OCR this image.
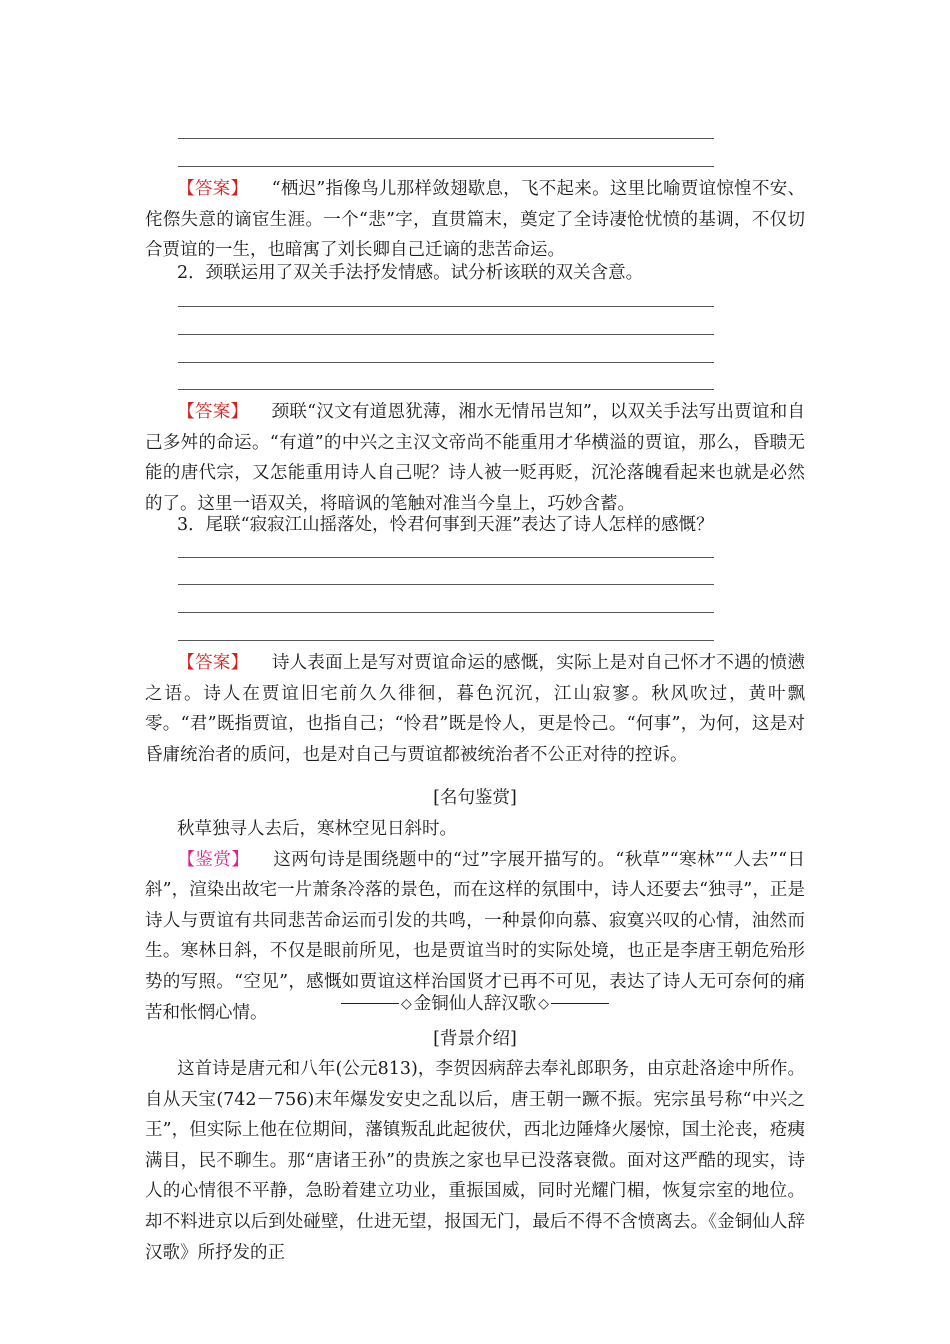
【答案】 “栖迟”指像鸟儿那样敛翅歇息，飞不起来。这里比喻贾谊惊惶不安、侘傺失意的谪宦生涯。一个“悲”字，直贯篇末，奠定了全诗凄怆忧愤的基调，不仅切合贾谊的一生，也暗寓了刘长卿自己迁谪的悲苦命运。

2．颈联运用了双关手法抒发情感。试分析该联的双关含意。

【答案】 颈联“汉文有道恩犹薄，湘水无情吊岂知”，以双关手法写出贾谊和自己多舛的命运。“有道”的中兴之主汉文帝尚不能重用才华横溢的贾谊，那么，昏聩无能的唐代宗，又怎能重用诗人自己呢？诗人被一贬再贬，沉沦落魄看起来也就是必然的了。这里一语双关，将暗讽的笔触对准当今皇上，巧妙含蓄。

3．尾联“寂寂江山摇落处，怜君何事到天涯”表达了诗人怎样的感慨？

【答案】 诗人表面上是写对贾谊命运的感慨，实际上是对自己怀才不遇的愤懑之语。诗人在贾谊旧宅前久久徘徊，暮色沉沉，江山寂寥。秋风吹过，黄叶飘零。“君”既指贾谊，也指自己；“怜君”既是怜人，更是怜己。“何事”，为何，这是对昏庸统治者的质问，也是对自己与贾谊都被统治者不公正对待的控诉。

[名句鉴赏]

秋草独寻人去后，寒林空见日斜时。

【鉴赏】 这两句诗是围绕题中的“过”字展开描写的。“秋草”“寒林”“人去”“日斜”，渲染出故宅一片萧条冷落的景色，而在这样的氛围中，诗人还要去“独寻”，正是诗人与贾谊有共同悲苦命运而引发的共鸣，一种景仰向慕、寂寞兴叹的心情，油然而生。寒林日斜，不仅是眼前所见，也是贾谊当时的实际处境，也正是李唐王朝危殆形势的写照。“空见”，感慨如贾谊这样治国贤才已再不可见，表达了诗人无可奈何的痛苦和怅惘心情。	◇ 金铜仙人辞汉歌 ◇
[背景介绍]

这首诗是唐元和八年(公元813)，李贺因病辞去奉礼郎职务，由京赴洛途中所作。自从天宝(742－756)末年爆发安史之乱以后，唐王朝一蹶不振。宪宗虽号称“中兴之王”，但实际上他在位期间，藩镇叛乱此起彼伏，西北边陲烽火屡惊，国土沦丧，疮痍满目，民不聊生。那“唐诸王孙”的贵族之家也早已没落衰微。面对这严酷的现实，诗人的心情很不平静，急盼着建立功业，重振国威，同时光耀门楣，恢复宗室的地位。却不料进京以后到处碰壁，仕进无望，报国无门，最后不得不含愤离去。《金铜仙人辞汉歌》所抒发的正
